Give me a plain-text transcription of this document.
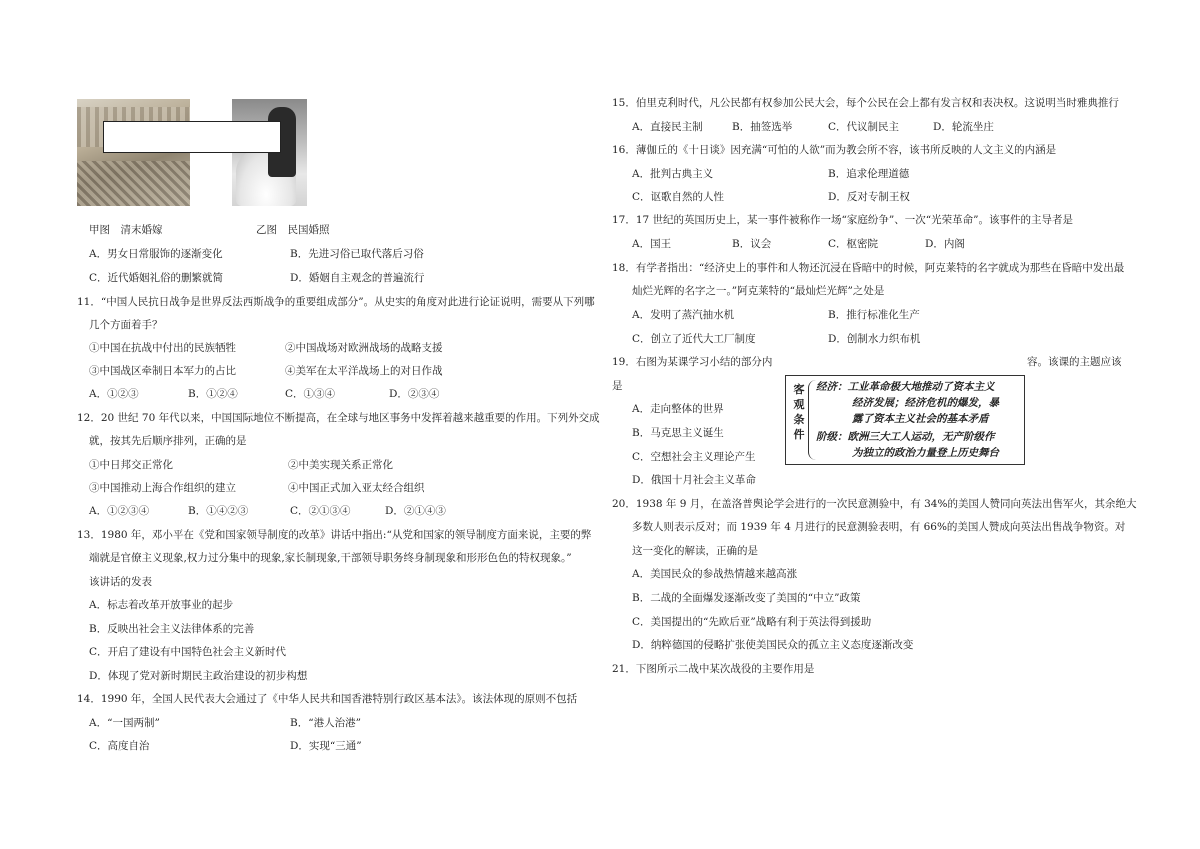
甲图　清末婚嫁	乙图　民国婚照
A．男女日常服饰的逐渐变化	B．先进习俗已取代落后习俗
C．近代婚姻礼俗的删繁就简	D．婚姻自主观念的普遍流行
11．“中国人民抗日战争是世界反法西斯战争的重要组成部分”。从史实的角度对此进行论证说明，需要从下列哪
几个方面着手？
①中国在抗战中付出的民族牺牲	②中国战场对欧洲战场的战略支援
③中国战区牵制日本军力的占比	④美军在太平洋战场上的对日作战
A．①②③	B．①②④	C．①③④	D．②③④
12．20 世纪 70 年代以来，中国国际地位不断提高，在全球与地区事务中发挥着越来越重要的作用。下列外交成
就，按其先后顺序排列，正确的是
①中日邦交正常化	②中美实现关系正常化
③中国推动上海合作组织的建立	④中国正式加入亚太经合组织
A．①②③④	B．①④②③	C．②①③④	D．②①④③
13．1980 年，邓小平在《党和国家领导制度的改革》讲话中指出:“从党和国家的领导制度方面来说，主要的弊
端就是官僚主义现象,权力过分集中的现象,家长制现象,干部领导职务终身制现象和形形色色的特权现象。”
该讲话的发表
A．标志着改革开放事业的起步
B．反映出社会主义法律体系的完善
C．开启了建设有中国特色社会主义新时代
D．体现了党对新时期民主政治建设的初步构想
14．1990 年，全国人民代表大会通过了《中华人民共和国香港特别行政区基本法》。该法体现的原则不包括
A．“一国两制”	B．“港人治港”
C．高度自治	D．实现“三通”
15．伯里克利时代，凡公民都有权参加公民大会，每个公民在会上都有发言权和表决权。这说明当时雅典推行
A．直接民主制	B．抽签选举	C．代议制民主	D．轮流坐庄
16．薄伽丘的《十日谈》因充满“可怕的人欲”而为教会所不容，该书所反映的人文主义的内涵是
A．批判古典主义	B．追求伦理道德
C．讴歌自然的人性	D．反对专制王权
17．17 世纪的英国历史上，某一事件被称作一场“家庭纷争”、一次“光荣革命”。该事件的主导者是
A．国王	B．议会	C．枢密院	D．内阁
18．有学者指出：“经济史上的事件和人物还沉浸在昏暗中的时候，阿克莱特的名字就成为那些在昏暗中发出最
灿烂光辉的名字之一。”阿克莱特的“最灿烂光辉”之处是
A．发明了蒸汽抽水机	B．推行标准化生产
C．创立了近代大工厂制度	D．创制水力织布机
19．右图为某课学习小结的部分内	容。该课的主题应该
是
A．走向整体的世界
B．马克思主义诞生
C．空想社会主义理论产生
D．俄国十月社会主义革命
客观条件
经济：工业革命极大地推动了资本主义
经济发展；经济危机的爆发，暴
露了资本主义社会的基本矛盾
阶级：欧洲三大工人运动，无产阶级作
为独立的政治力量登上历史舞台
20．1938 年 9 月，在盖洛普舆论学会进行的一次民意测验中，有 34%的美国人赞同向英法出售军火，其余绝大
多数人则表示反对；而 1939 年 4 月进行的民意测验表明，有 66%的美国人赞成向英法出售战争物资。对
这一变化的解读，正确的是
A．美国民众的参战热情越来越高涨
B．二战的全面爆发逐渐改变了美国的“中立”政策
C．美国提出的“先欧后亚”战略有利于英法得到援助
D．纳粹德国的侵略扩张使美国民众的孤立主义态度逐渐改变
21．下图所示二战中某次战役的主要作用是
